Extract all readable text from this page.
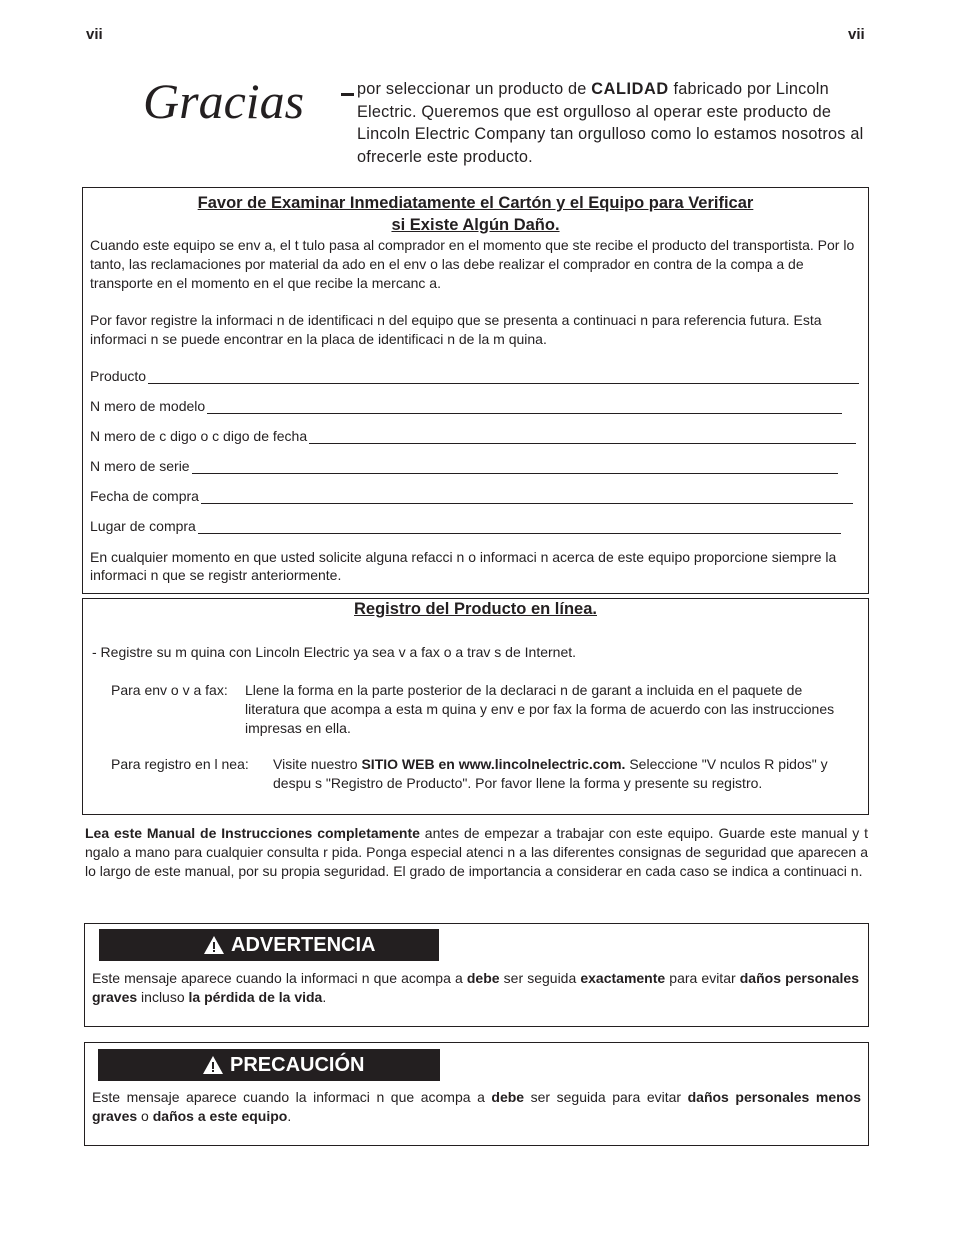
vii	vii
Gracias	por seleccionar un producto de CALIDAD fabricado por Lincoln Electric. Queremos que est orgulloso al operar este producto de Lincoln Electric Company tan orgulloso como lo estamos nosotros al ofrecerle este producto.
Favor de Examinar Inmediatamente el Cartón y el Equipo para Verificar
si Existe Algún Daño.
Cuando este equipo se env a, el t tulo pasa al comprador en el momento que ste recibe el producto del transportista. Por lo tanto, las reclamaciones por material da ado en el env o las debe realizar el comprador en contra de la compa a de transporte en el momento en el que recibe la mercanc a.
Por favor registre la informaci n de identificaci n del equipo que se presenta a continuaci n para referencia futura. Esta informaci n se puede encontrar en la placa de identificaci n de la m quina.
Producto
N mero de modelo
N mero de c digo o c digo de fecha
N mero de serie
Fecha de compra
Lugar de compra
En cualquier momento en que usted solicite alguna refacci n o informaci n acerca de este equipo proporcione siempre la informaci n que se registr anteriormente.
Registro del Producto en línea.
- Registre su m quina con Lincoln Electric ya sea v a fax o a trav s de Internet.
Para env o v a fax: Llene la forma en la parte posterior de la declaraci n de garant a incluida en el paquete de literatura que acompa a esta m quina y env e por fax la forma de acuerdo con las instrucciones impresas en ella.
Para registro en l nea: Visite nuestro SITIO WEB en www.lincolnelectric.com. Seleccione "V nculos R pidos" y despu s "Registro de Producto". Por favor llene la forma y presente su registro.
Lea este Manual de Instrucciones completamente antes de empezar a trabajar con este equipo. Guarde este manual y t ngalo a mano para cualquier consulta r pida. Ponga especial atenci n a las diferentes consignas de seguridad que aparecen a lo largo de este manual, por su propia seguridad. El grado de importancia a considerar en cada caso se indica a continuaci n.
ADVERTENCIA
Este mensaje aparece cuando la informaci n que acompa a debe ser seguida exactamente para evitar daños personales graves incluso la pérdida de la vida.
PRECAUCIÓN
Este mensaje aparece cuando la informaci n que acompa a debe ser seguida para evitar daños personales menos graves o daños a este equipo.
